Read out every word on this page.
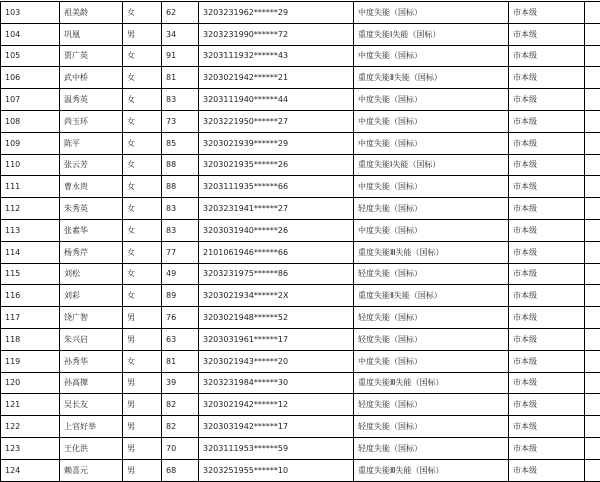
103	祖美龄	女	62	3203231962******29	中度失能（国标）	市本级	
104	巩凰	男	34	3203231990******72	重度失能Ⅰ失能（国标）	市本级	
105	贾广英	女	91	3203111932******43	中度失能（国标）	市本级	
106	武中桥	女	81	3203021942******21	重度失能Ⅱ失能（国标）	市本级	
107	温秀英	女	83	3203111940******44	中度失能（国标）	市本级	
108	尚玉环	女	73	3203221950******27	中度失能（国标）	市本级	
109	陈平	女	85	3203021939******29	中度失能（国标）	市本级	
110	张云芳	女	88	3203021935******26	重度失能Ⅰ失能（国标）	市本级	
111	曹永贵	女	88	3203111935******66	中度失能（国标）	市本级	
112	朱秀英	女	83	3203231941******27	轻度失能（国标）	市本级	
113	张素华	女	83	3203031940******26	中度失能（国标）	市本级	
114	杨秀芹	女	77	2101061946******66	重度失能Ⅲ失能（国标）	市本级	
115	刘松	女	49	3203231975******86	轻度失能（国标）	市本级	
116	刘彩	女	89	3203021934******2X	重度失能Ⅱ失能（国标）	市本级	
117	饶广智	男	76	3203021948******52	轻度失能（国标）	市本级	
118	朱兴启	男	63	3203031961******17	轻度失能（国标）	市本级	
119	孙秀华	女	81	3203021943******20	中度失能（国标）	市本级	
120	孙高撵	男	39	3203231984******30	重度失能Ⅲ失能（国标）	市本级	
121	吴长友	男	82	3203021942******12	轻度失能（国标）	市本级	
122	上官好举	男	82	3203031942******17	轻度失能（国标）	市本级	
123	王化洪	男	70	3203111953******59	轻度失能（国标）	市本级	
124	赖喜元	男	68	3203251955******10	重度失能Ⅲ失能（国标）	市本级	
